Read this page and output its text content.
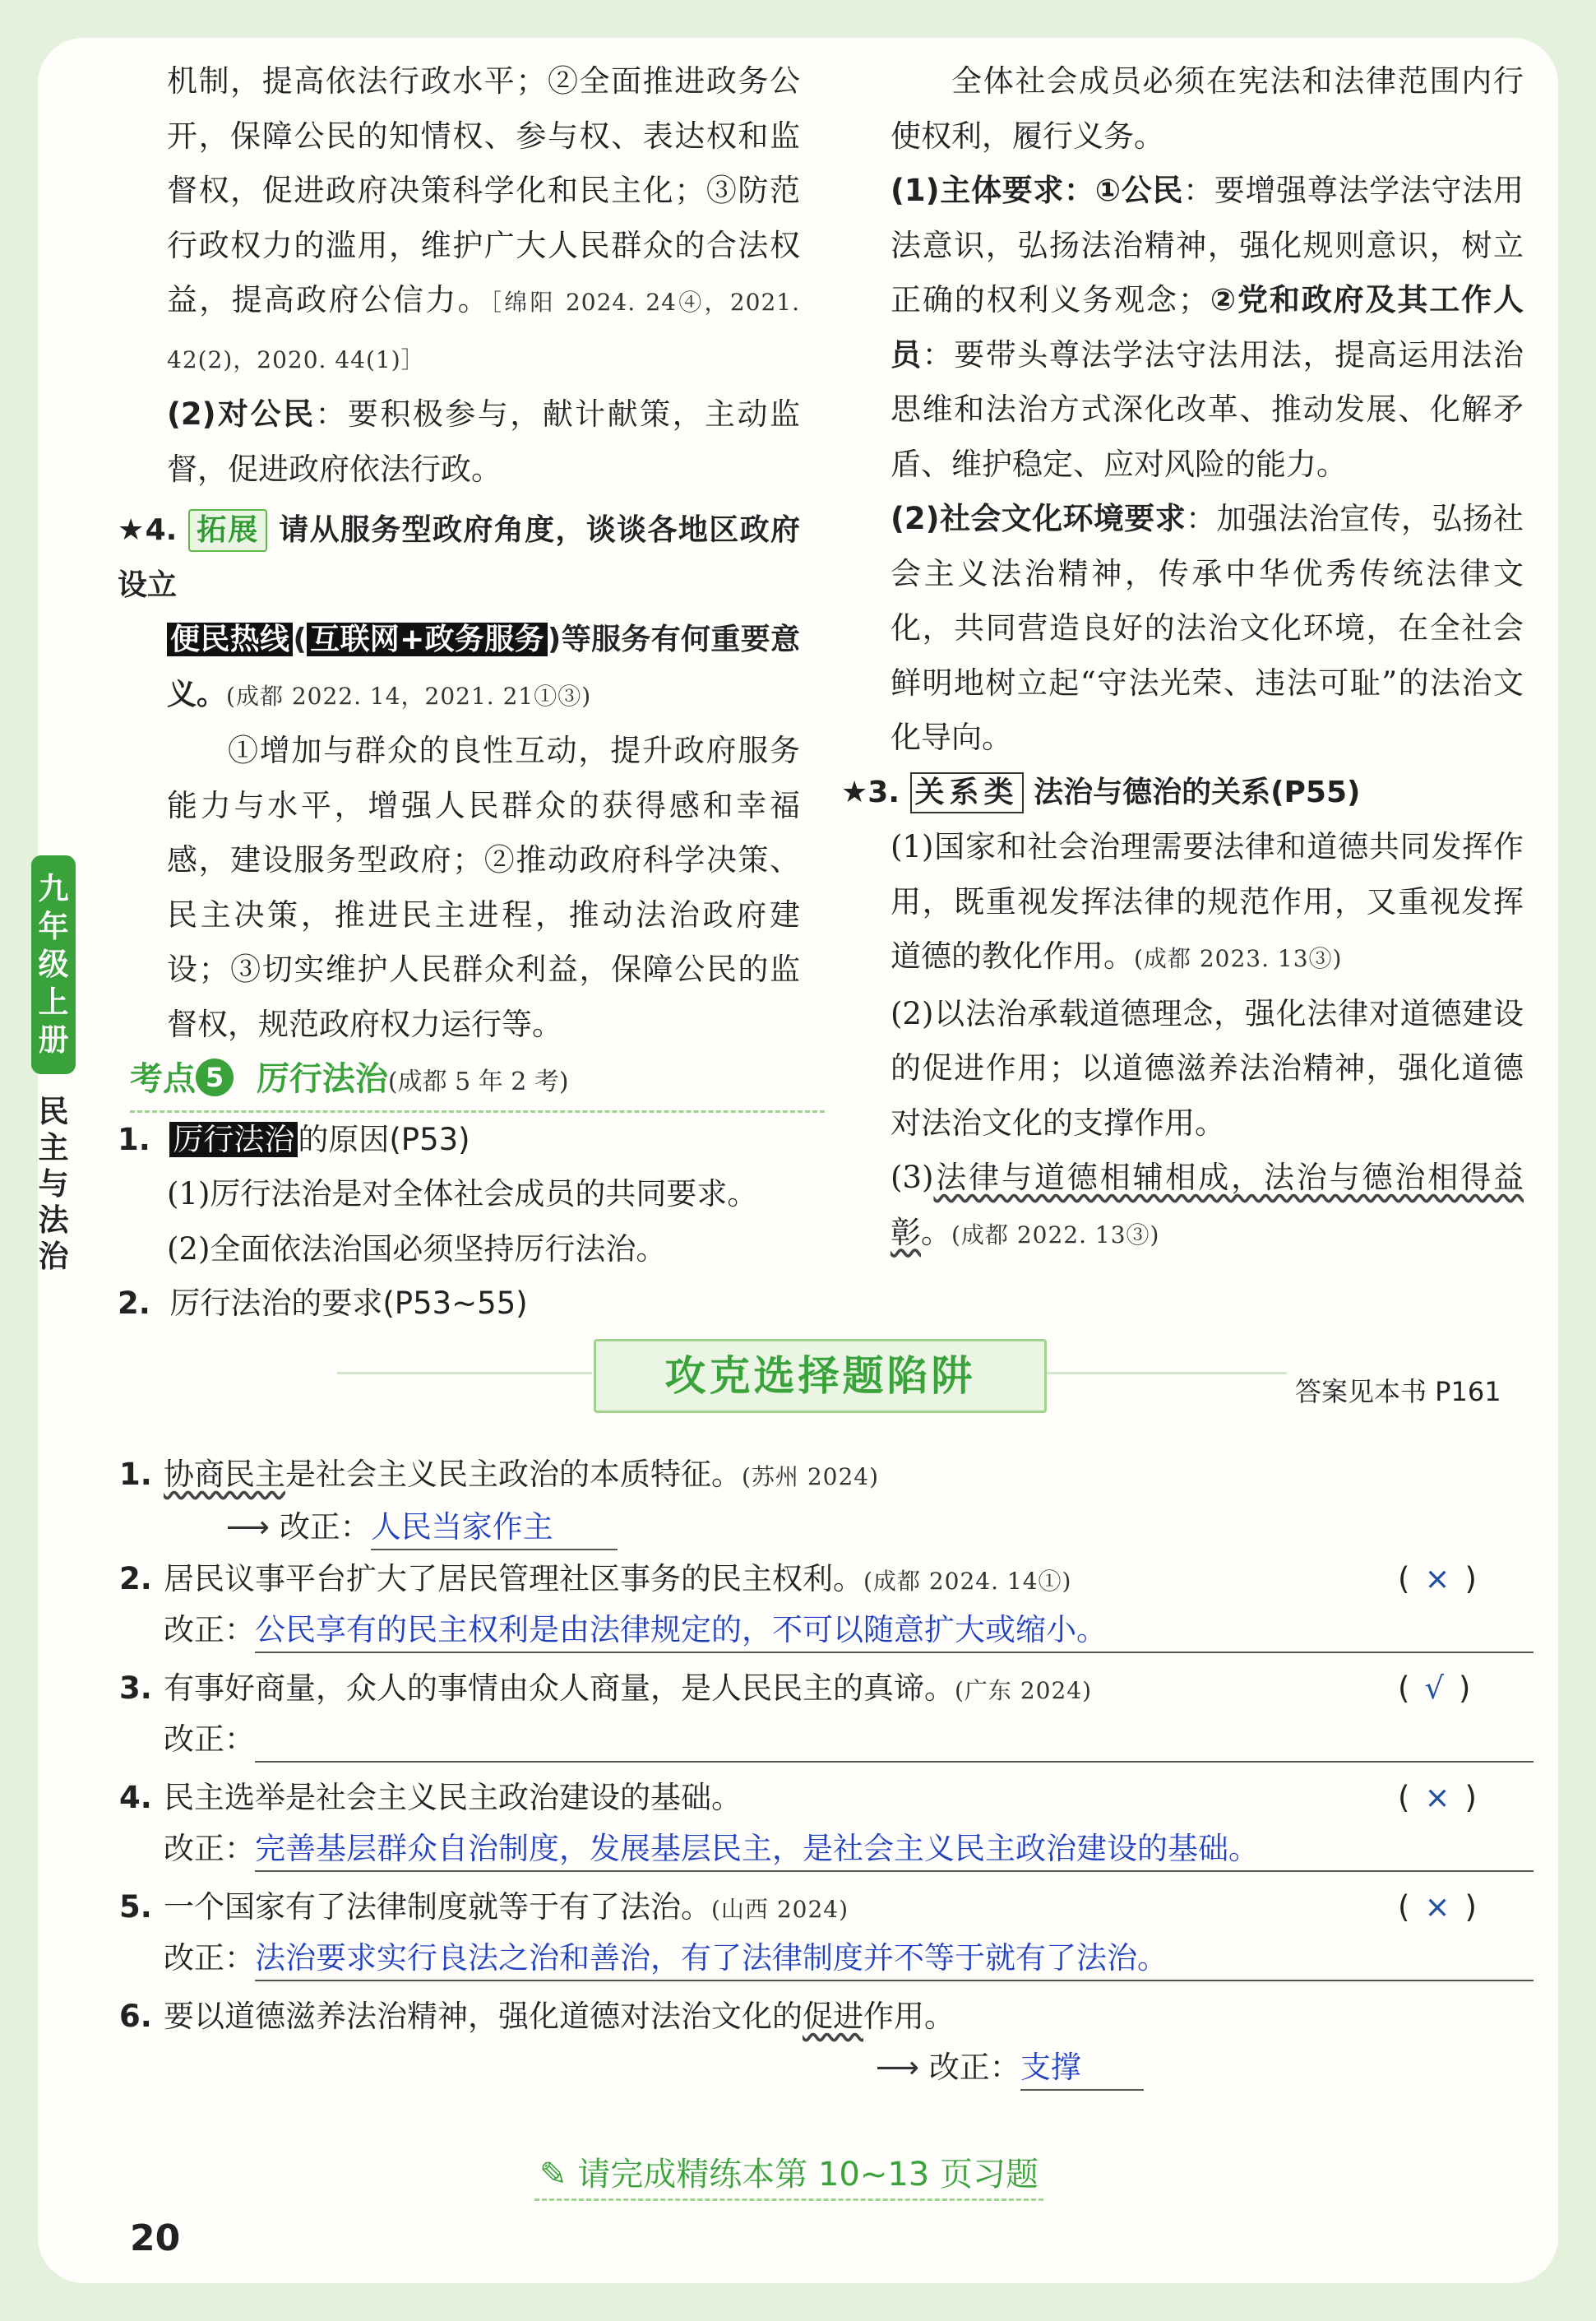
机制，提高依法行政水平；②全面推进政务公开，保障公民的知情权、参与权、表达权和监督权，促进政府决策科学化和民主化；③防范行政权力的滥用，维护广大人民群众的合法权益，提高政府公信力。［绵阳 2024. 24④，2021. 42(2)，2020. 44(1)］

(2)对公民：要积极参与，献计献策，主动监督，促进政府依法行政。

★4. 拓展 请从服务型政府角度，谈谈各地区政府设立

便民热线 ( 互联网+政务服务 )等服务有何重要意义。(成都 2022. 14，2021. 21①③)

①增加与群众的良性互动，提升政府服务能力与水平，增强人民群众的获得感和幸福感，建设服务型政府；②推动政府科学决策、民主决策，推进民主进程，推动法治政府建设；③切实维护人民群众利益，保障公民的监督权，规范政府权力运行等。

考点 5 厉行法治(成都 5 年 2 考)

1. 厉行法治 的原因(P53)

(1)厉行法治是对全体社会成员的共同要求。

(2)全面依法治国必须坚持厉行法治。

2. 厉行法治的要求(P53~55)

全体社会成员必须在宪法和法律范围内行使权利，履行义务。

(1)主体要求：①公民：要增强尊法学法守法用法意识，弘扬法治精神，强化规则意识，树立正确的权利义务观念；②党和政府及其工作人员：要带头尊法学法守法用法，提高运用法治思维和法治方式深化改革、推动发展、化解矛盾、维护稳定、应对风险的能力。

(2)社会文化环境要求：加强法治宣传，弘扬社会主义法治精神，传承中华优秀传统法律文化，共同营造良好的法治文化环境，在全社会鲜明地树立起“守法光荣、违法可耻”的法治文化导向。

★3. 关系类 法治与德治的关系(P55)

(1)国家和社会治理需要法律和道德共同发挥作用，既重视发挥法律的规范作用，又重视发挥道德的教化作用。(成都 2023. 13③)

(2)以法治承载道德理念，强化法律对道德建设的促进作用；以道德滋养法治精神，强化道德对法治文化的支撑作用。

(3)法律与道德相辅相成，法治与德治相得益彰。(成都 2022. 13③)

九
年
级
上
册
民
主
与
法
治
攻克选择题陷阱	答案见本书 P161
1. 协商民主是社会主义民主政治的本质特征。(苏州 2024)
⟶ 改正：人民当家作主
2. 居民议事平台扩大了居民管理社区事务的民主权利。(成都 2024. 14①)	( × )
改正：公民享有的民主权利是由法律规定的，不可以随意扩大或缩小。
3. 有事好商量，众人的事情由众人商量，是人民民主的真谛。(广东 2024)	( √ )
改正：
4. 民主选举是社会主义民主政治建设的基础。	( × )
改正：完善基层群众自治制度，发展基层民主，是社会主义民主政治建设的基础。
5. 一个国家有了法律制度就等于有了法治。(山西 2024)	( × )
改正：法治要求实行良法之治和善治，有了法律制度并不等于就有了法治。
6. 要以道德滋养法治精神，强化道德对法治文化的促进作用。
⟶ 改正：支撑
✎ 请完成精练本第 10~13 页习题
20
